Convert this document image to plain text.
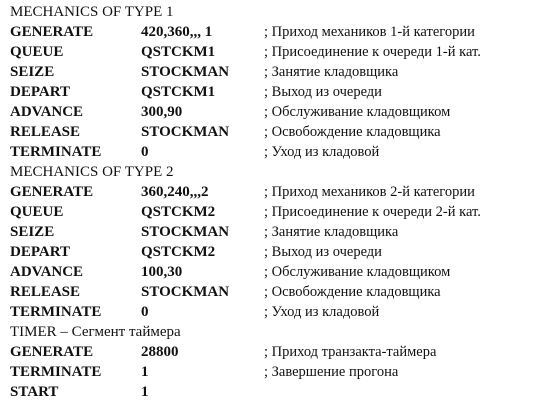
MECHANICS OF TYPE 1
GENERATE	420,360,,, 1	; Приход механиков 1-й категории
QUEUE	QSTCKM1	; Присоединение к очереди 1-й кат.
SEIZE	STOCKMAN ; Занятие кладовщика
DEPART	QSTCKM1	; Выход из очереди
ADVANCE	300,90	; Обслуживание кладовщиком
RELEASE	STOCKMAN ; Освобождение кладовщика
TERMINATE	0	; Уход из кладовой
MECHANICS OF TYPE 2
GENERATE	360,240,,,2	; Приход механиков 2-й категории
QUEUE	QSTCKM2	; Присоединение к очереди 2-й кат.
SEIZE	STOCKMAN ; Занятие кладовщика
DEPART	QSTCKM2	; Выход из очереди
ADVANCE	100,30	; Обслуживание кладовщиком
RELEASE	STOCKMAN ; Освобождение кладовщика
TERMINATE	0	; Уход из кладовой
TIMER – Сегмент таймера
GENERATE	28800	; Приход транзакта-таймера
TERMINATE	1	; Завершение прогона
START	1
